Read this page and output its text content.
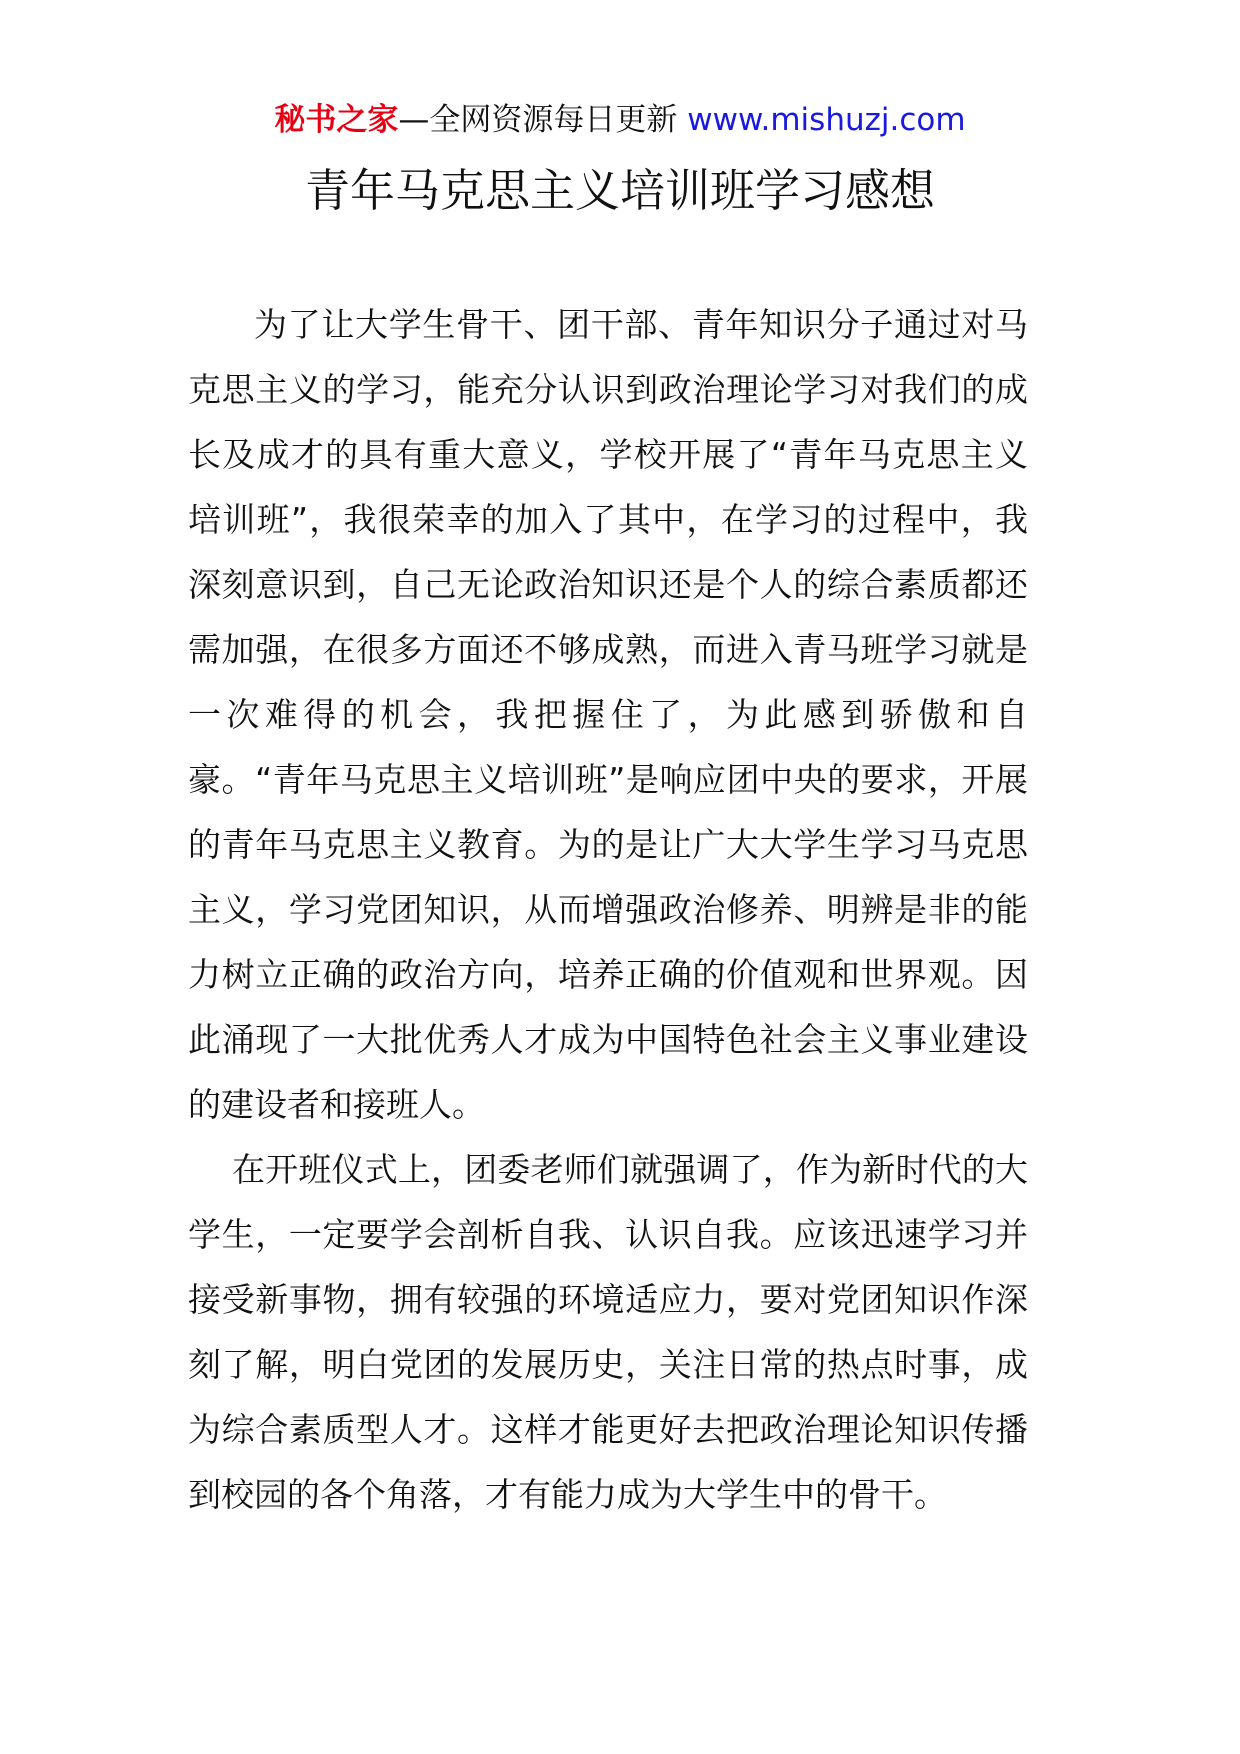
秘书之家—全网资源每日更新 www.mishuzj.com
青年马克思主义培训班学习感想

为了让大学生骨干、团干部、青年知识分子通过对马克思主义的学习，能充分认识到政治理论学习对我们的成长及成才的具有重大意义，学校开展了“青年马克思主义培训班”，我很荣幸的加入了其中，在学习的过程中，我深刻意识到，自己无论政治知识还是个人的综合素质都还需加强，在很多方面还不够成熟，而进入青马班学习就是一次难得的机会，我把握住了，为此感到骄傲和自豪。“青年马克思主义培训班”是响应团中央的要求，开展的青年马克思主义教育。为的是让广大大学生学习马克思主义，学习党团知识，从而增强政治修养、明辨是非的能力树立正确的政治方向，培养正确的价值观和世界观。因此涌现了一大批优秀人才成为中国特色社会主义事业建设的建设者和接班人。

在开班仪式上，团委老师们就强调了，作为新时代的大学生，一定要学会剖析自我、认识自我。应该迅速学习并接受新事物，拥有较强的环境适应力，要对党团知识作深刻了解，明白党团的发展历史，关注日常的热点时事，成为综合素质型人才。这样才能更好去把政治理论知识传播到校园的各个角落，才有能力成为大学生中的骨干。
